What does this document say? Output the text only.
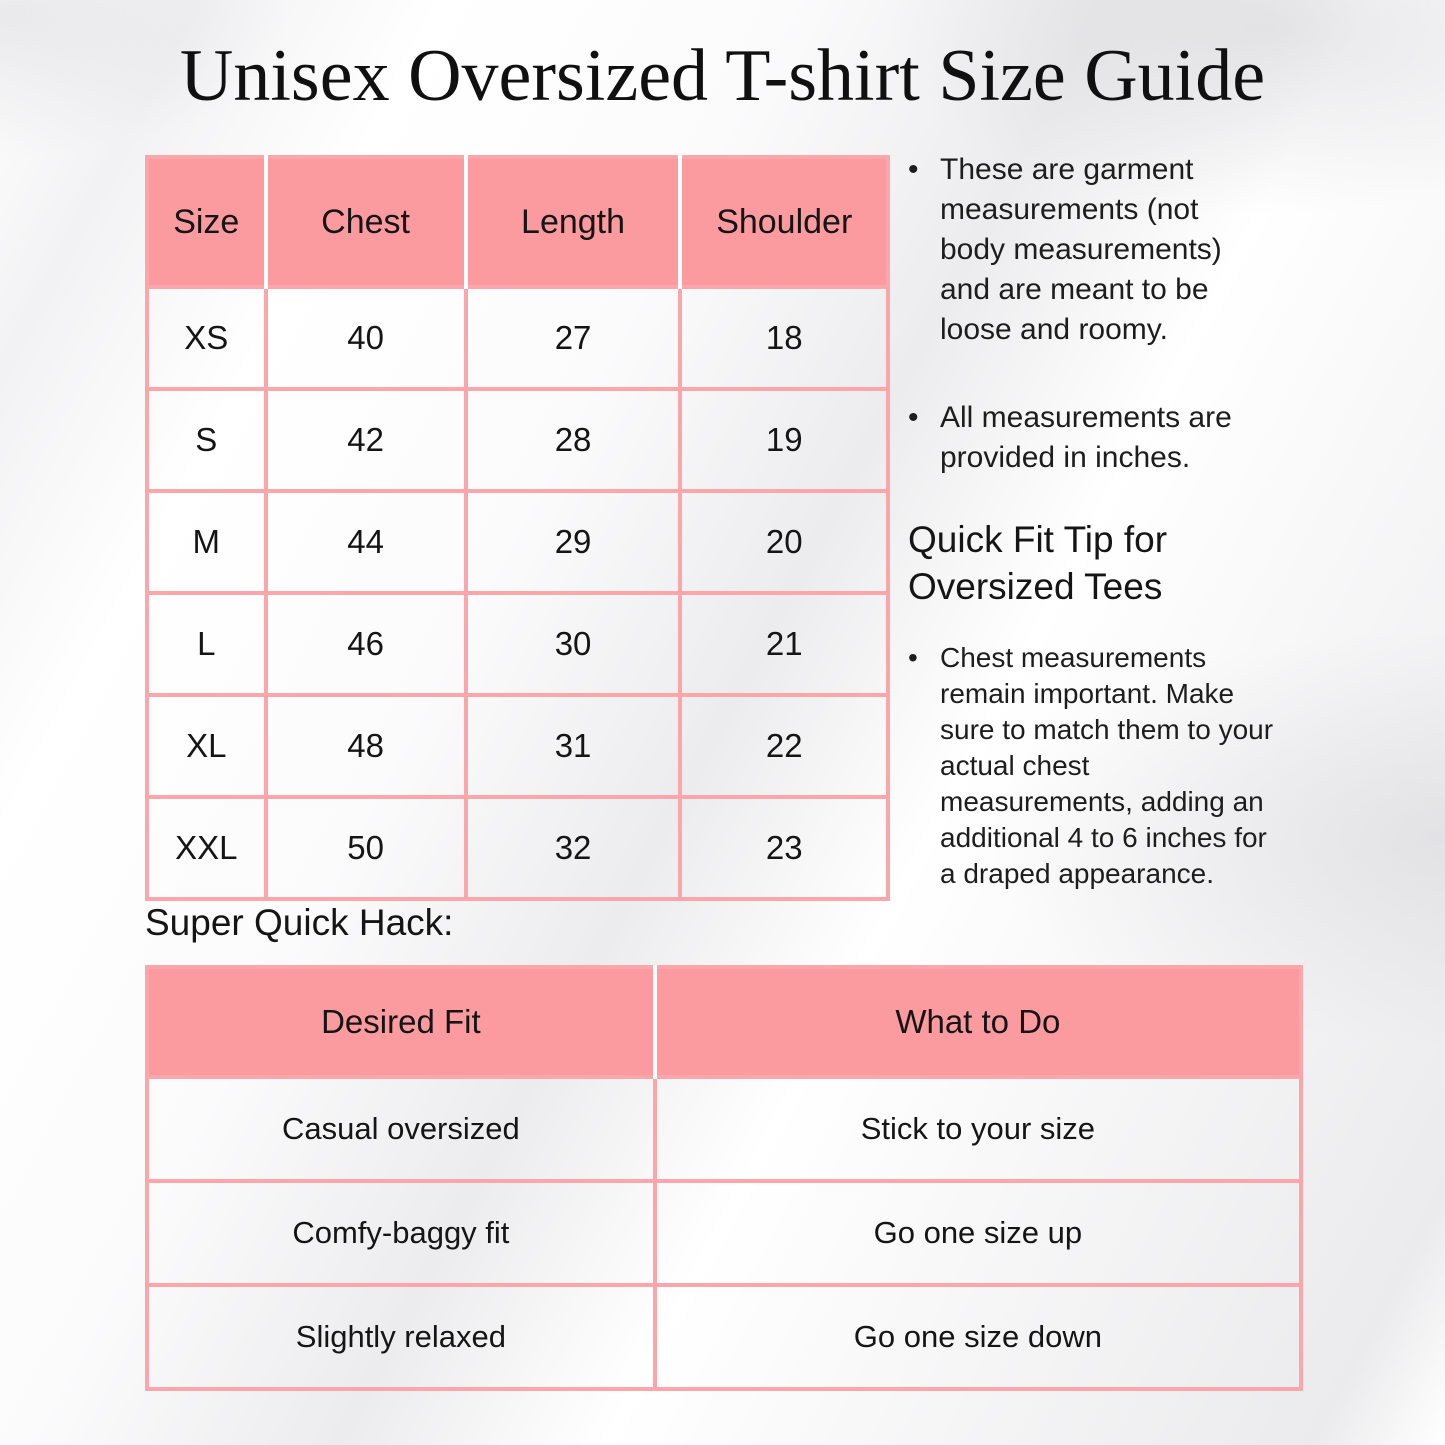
Unisex Oversized T-shirt Size Guide
Size	Chest	Length	Shoulder
XS	40	27	18
S	42	28	19
M	44	29	20
L	46	30	21
XL	48	31	22
XXL	50	32	23
• These are garment measurements (not body measurements) and are meant to be loose and roomy.
• All measurements are provided in inches.
Quick Fit Tip for Oversized Tees
• Chest measurements remain important. Make sure to match them to your actual chest measurements, adding an additional 4 to 6 inches for a draped appearance.
Super Quick Hack:
Desired Fit	What to Do
Casual oversized	Stick to your size
Comfy-baggy fit	Go one size up
Slightly relaxed	Go one size down
